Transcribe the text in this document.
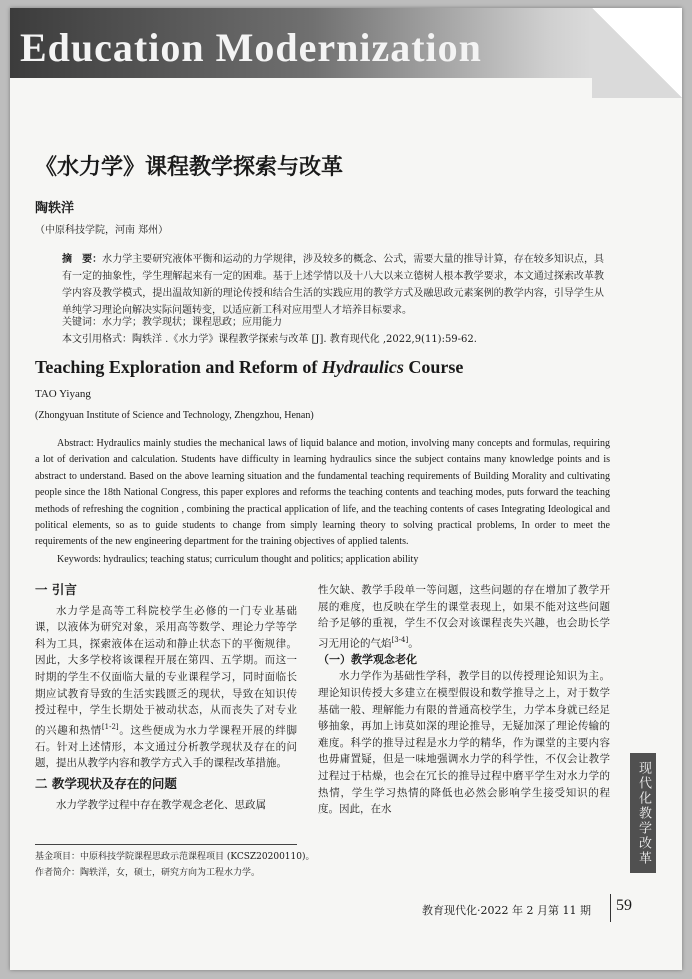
Education Modernization
《水力学》课程教学探索与改革
陶轶洋
（中原科技学院，河南 郑州）
摘　要：水力学主要研究液体平衡和运动的力学规律，涉及较多的概念、公式，需要大量的推导计算，存在较多知识点，具有一定的抽象性，学生理解起来有一定的困难。基于上述学情以及十八大以来立德树人根本教学要求，本文通过探索改革教学内容及教学模式，提出温故知新的理论传授和结合生活的实践应用的教学方式及融思政元素案例的教学内容，引导学生从单纯学习理论向解决实际问题转变，以适应新工科对应用型人才培养目标要求。
关键词：水力学；教学现状；课程思政；应用能力
本文引用格式：陶轶洋 .《水力学》课程教学探索与改革 [J]. 教育现代化 ,2022,9(11):59-62.
Teaching Exploration and Reform of Hydraulics Course
TAO Yiyang
(Zhongyuan Institute of Science and Technology, Zhengzhou, Henan)
Abstract: Hydraulics mainly studies the mechanical laws of liquid balance and motion, involving many concepts and formulas, requiring a lot of derivation and calculation. Students have difficulty in learning hydraulics since the subject contains many knowledge points and is abstract to understand. Based on the above learning situation and the fundamental teaching requirements of Building Morality and cultivating people since the 18th National Congress, this paper explores and reforms the teaching contents and teaching modes, puts forward the teaching methods of refreshing the cognition , combining the practical application of life, and the teaching contents of cases Integrating Ideological and political elements, so as to guide students to change from simply learning theory to solving practical problems, In order to meet the requirements of the new engineering department for the training objectives of applied talents.
Keywords: hydraulics; teaching status; curriculum thought and politics; application ability

一 引言

水力学是高等工科院校学生必修的一门专业基础课，以液体为研究对象，采用高等数学、理论力学等学科为工具，探索液体在运动和静止状态下的平衡规律。因此，大多学校将该课程开展在第四、五学期。而这一时期的学生不仅面临大量的专业课程学习，同时面临长期应试教育导致的生活实践匮乏的现状，导致在知识传授过程中，学生长期处于被动状态，从而丧失了对专业的兴趣和热情[1-2]。这些便成为水力学课程开展的绊脚石。针对上述情形，本文通过分析教学现状及存在的问题，提出从教学内容和教学方式入手的课程改革措施。

二 教学现状及存在的问题

水力学教学过程中存在教学观念老化、思政属

性欠缺、教学手段单一等问题，这些问题的存在增加了教学开展的难度，也反映在学生的课堂表现上，如果不能对这些问题给予足够的重视，学生不仅会对该课程丧失兴趣，也会助长学习无用论的气焰[3-4]。

（一）教学观念老化

水力学作为基础性学科，教学目的以传授理论知识为主。理论知识传授大多建立在模型假设和数学推导之上，对于数学基础一般、理解能力有限的普通高校学生，力学本身就已经足够抽象，再加上讳莫如深的理论推导，无疑加深了理论传输的难度。科学的推导过程是水力学的精华，作为课堂的主要内容也毋庸置疑，但是一味地强调水力学的科学性，不仅会让教学过程过于枯燥，也会在冗长的推导过程中磨平学生对水力学的热情，学生学习热情的降低也必然会影响学生接受知识的程度。因此，在水

基金项目：中原科技学院课程思政示范课程项目 (KCSZ20200110)。
作者简介：陶轶洋，女，硕士，研究方向为工程水力学。
现代化教学改革
教育现代化·2022 年 2 月第 11 期 59
